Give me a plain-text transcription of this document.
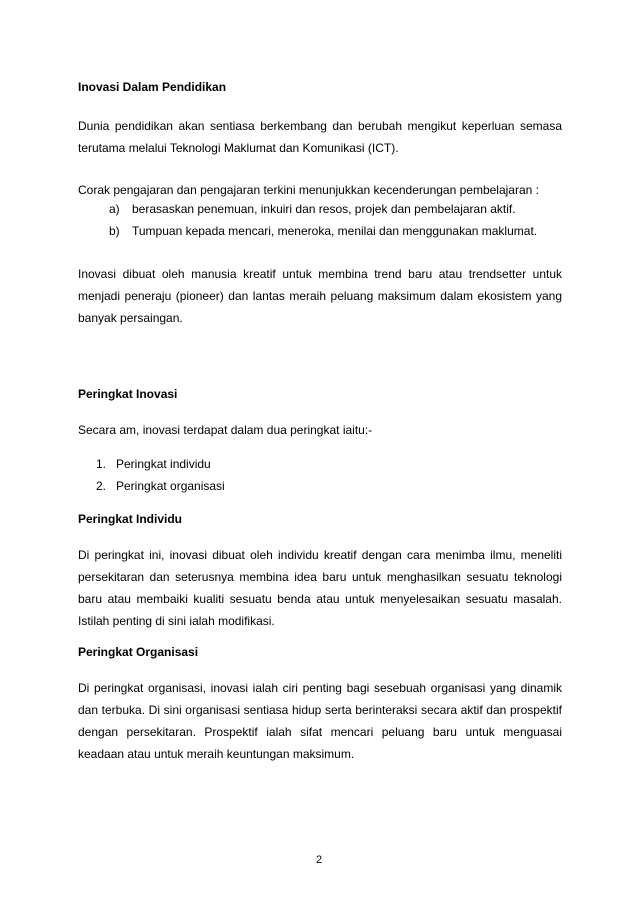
Inovasi Dalam Pendidikan

Dunia pendidikan akan sentiasa berkembang dan berubah mengikut keperluan semasa terutama melalui Teknologi Maklumat dan Komunikasi (ICT).

Corak pengajaran dan pengajaran terkini menunjukkan kecenderungan pembelajaran :

a) berasaskan penemuan, inkuiri dan resos, projek dan pembelajaran aktif.
b) Tumpuan kepada mencari, meneroka, menilai dan menggunakan maklumat.

Inovasi dibuat oleh manusia kreatif untuk membina trend baru atau trendsetter untuk menjadi peneraju (pioneer) dan lantas meraih peluang maksimum dalam ekosistem yang banyak persaingan.

Peringkat Inovasi

Secara am, inovasi terdapat dalam dua peringkat iaitu:-

1. Peringkat individu
2. Peringkat organisasi

Peringkat Individu

Di peringkat ini, inovasi dibuat oleh individu kreatif dengan cara menimba ilmu, meneliti persekitaran dan seterusnya membina idea baru untuk menghasilkan sesuatu teknologi baru atau membaiki kualiti sesuatu benda atau untuk menyelesaikan sesuatu masalah. Istilah penting di sini ialah modifikasi.

Peringkat Organisasi

Di peringkat organisasi, inovasi ialah ciri penting bagi sesebuah organisasi yang dinamik dan terbuka. Di sini organisasi sentiasa hidup serta berinteraksi secara aktif dan prospektif dengan persekitaran. Prospektif ialah sifat mencari peluang baru untuk menguasai keadaan atau untuk meraih keuntungan maksimum.

2
